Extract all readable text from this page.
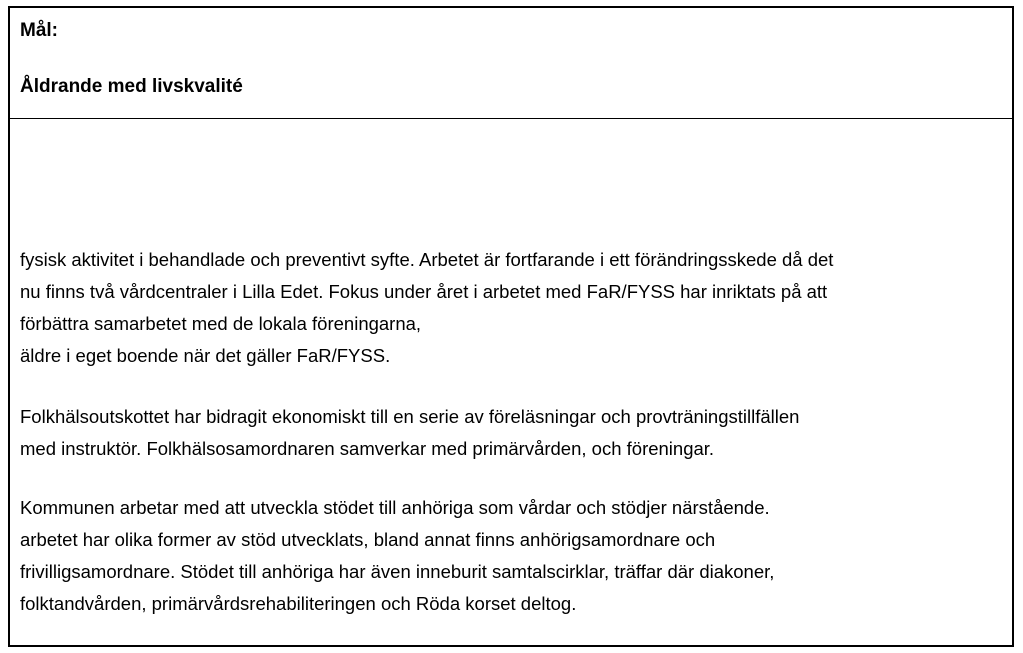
Mål:
Åldrande med livskvalité
fysisk aktivitet i behandlade och preventivt syfte. Arbetet är fortfarande i ett förändringsskede då det
nu finns två vårdcentraler i Lilla Edet. Fokus under året i arbetet med FaR/FYSS har inriktats på att
förbättra samarbetet med de lokala föreningarna,
äldre i eget boende när det gäller FaR/FYSS.
Folkhälsoutskottet har bidragit ekonomiskt till en serie av föreläsningar och provträningstillfällen
med instruktör. Folkhälsosamordnaren samverkar med primärvården, och föreningar.
Kommunen arbetar med att utveckla stödet till anhöriga som vårdar och stödjer närstående.
arbetet har olika former av stöd utvecklats, bland annat finns anhörigsamordnare och
frivilligsamordnare. Stödet till anhöriga har även inneburit samtalscirklar, träffar där diakoner,
folktandvården, primärvårdsrehabiliteringen och Röda korset deltog.
